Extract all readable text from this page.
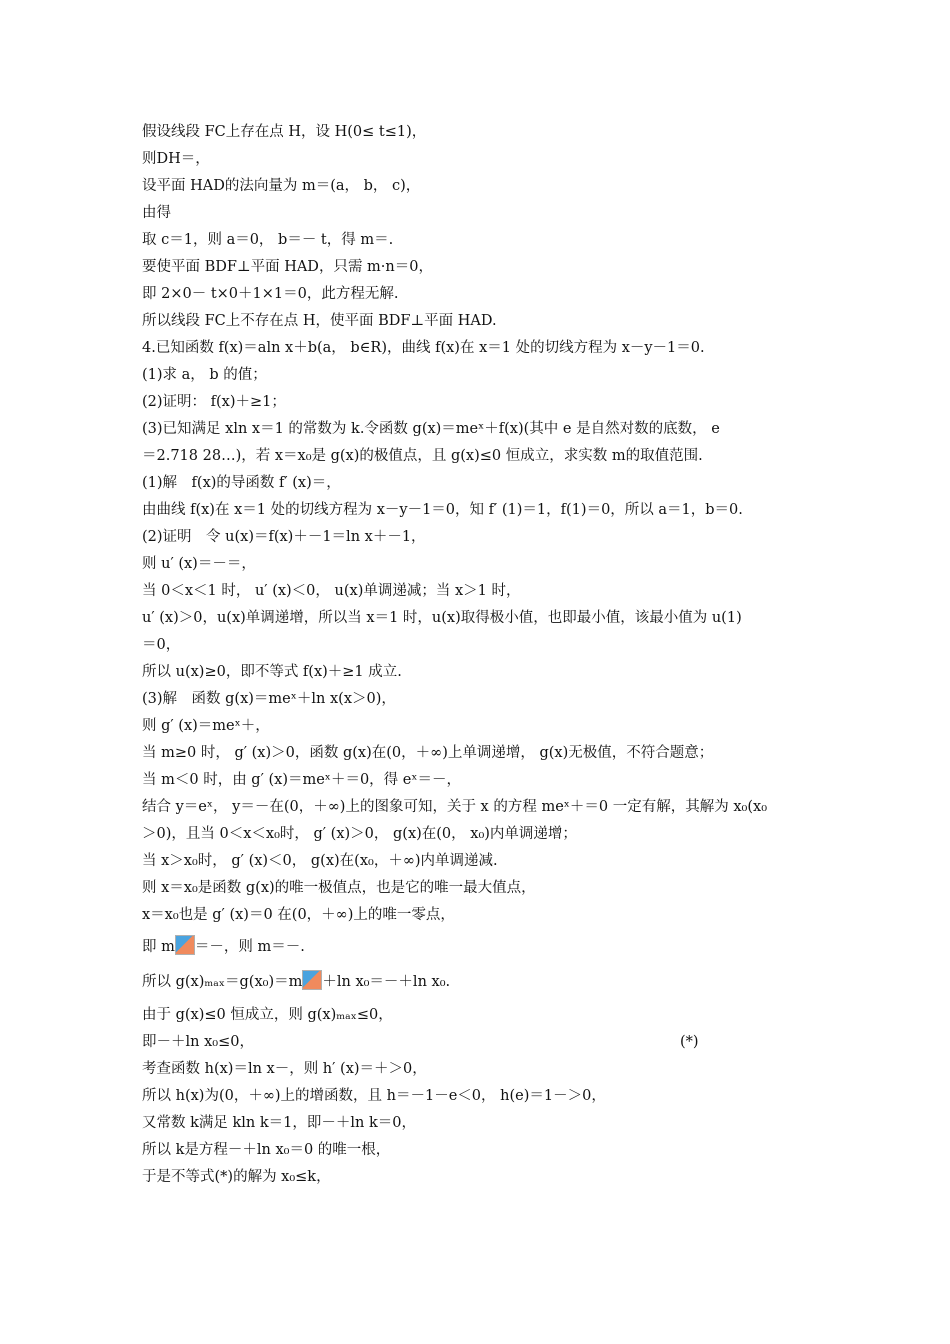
假设线段 FC上存在点 H，设 H(0≤ t≤1)，
则DH＝，
设平面 HAD的法向量为 m＝(a， b， c)，
由得
取 c＝1，则 a＝0， b＝－ t，得 m＝.
要使平面 BDF⊥平面 HAD，只需 m·n＝0，
即 2×0－ t×0＋1×1＝0，此方程无解.
所以线段 FC上不存在点 H，使平面 BDF⊥平面 HAD.
4.已知函数 f(x)＝aln x＋b(a， b∈R)，曲线 f(x)在 x＝1 处的切线方程为 x－y－1＝0.
(1)求 a， b 的值；
(2)证明： f(x)＋≥1；
(3)已知满足 xln x＝1 的常数为 k.令函数 g(x)＝meˣ＋f(x)(其中 e 是自然对数的底数， e
＝2.718 28…)，若 x＝x₀是 g(x)的极值点，且 g(x)≤0 恒成立，求实数 m的取值范围.
(1)解　f(x)的导函数 f′ (x)＝，
由曲线 f(x)在 x＝1 处的切线方程为 x－y－1＝0，知 f′ (1)＝1，f(1)＝0，所以 a＝1，b＝0.
(2)证明　令 u(x)＝f(x)＋－1＝ln x＋－1，
则 u′ (x)＝－＝，
当 0＜x＜1 时， u′ (x)＜0， u(x)单调递减；当 x＞1 时，
u′ (x)＞0，u(x)单调递增，所以当 x＝1 时，u(x)取得极小值，也即最小值，该最小值为 u(1)
＝0，
所以 u(x)≥0，即不等式 f(x)＋≥1 成立.
(3)解　函数 g(x)＝meˣ＋ln x(x＞0)，
则 g′ (x)＝meˣ＋，
当 m≥0 时， g′ (x)＞0，函数 g(x)在(0，＋∞)上单调递增， g(x)无极值，不符合题意；
当 m＜0 时，由 g′ (x)＝meˣ＋＝0，得 eˣ＝－，
结合 y＝eˣ， y＝－在(0，＋∞)上的图象可知，关于 x 的方程 meˣ＋＝0 一定有解，其解为 x₀(x₀
＞0)，且当 0＜x＜x₀时， g′ (x)＞0， g(x)在(0， x₀)内单调递增；
当 x＞x₀时， g′ (x)＜0， g(x)在(x₀，＋∞)内单调递减.
则 x＝x₀是函数 g(x)的唯一极值点，也是它的唯一最大值点，
x＝x₀也是 g′ (x)＝0 在(0，＋∞)上的唯一零点，
即 m ＝－，则 m＝－.
所以 g(x)ₘₐₓ＝g(x₀)＝m ＋ln x₀＝－＋ln x₀.
由于 g(x)≤0 恒成立，则 g(x)ₘₐₓ≤0，
即－＋ln x₀≤0，	(*)
考查函数 h(x)＝ln x－，则 h′ (x)＝＋＞0，
所以 h(x)为(0，＋∞)上的增函数，且 h＝－1－e＜0， h(e)＝1－＞0，
又常数 k满足 kln k＝1，即－＋ln k＝0，
所以 k是方程－＋ln x₀＝0 的唯一根，
于是不等式(*)的解为 x₀≤k，
